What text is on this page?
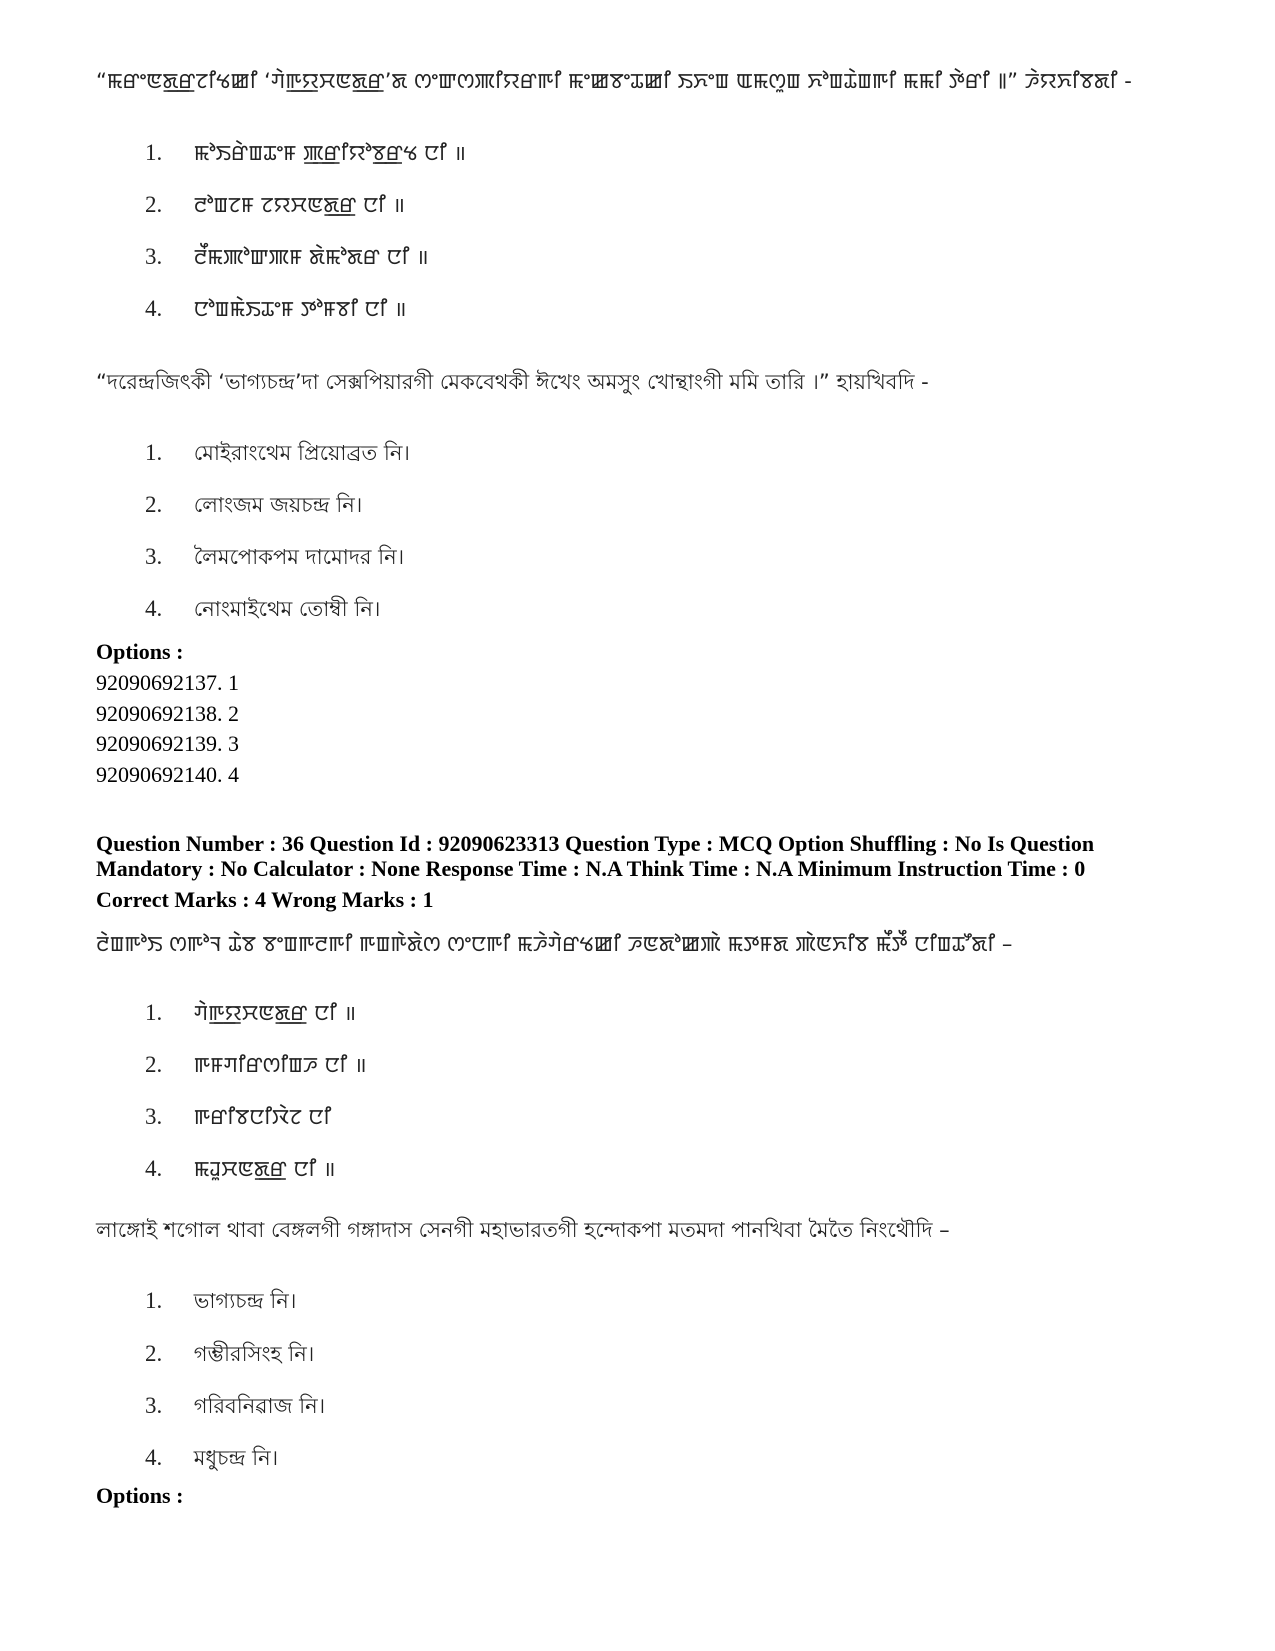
“ꯃꯔꯦꯟꯗ꯭ꯔꯖꯤꯠꯀꯤ ‘ꯚꯥꯒ꯭ꯌꯆꯟꯗ꯭ꯔ’ꯗ ꯁꯦꯛꯁꯄꯤꯌꯔꯒꯤ ꯃꯦꯀꯕꯦꯊꯀꯤ ꯏꯈꯦꯡ ꯑꯃꯁꯨꯡ ꯈꯣꯡꯊꯥꯡꯒꯤ ꯃꯃꯤ ꯇꯥꯔꯤ ꯫” ꯍꯥꯌꯈꯤꯕꯗꯤ -
1. ꯃꯣꯏꯔꯥꯡꯊꯦꯝ ꯄ꯭ꯔꯤꯌꯣꯕ꯭ꯔꯠ ꯅꯤ ॥
2. ꯂꯣꯡꯖꯝ ꯖꯌꯆꯟꯗ꯭ꯔ ꯅꯤ ॥
3. ꯂꯩꯃꯄꯣꯛꯄꯝ ꯗꯥꯃꯣꯗꯔ ꯅꯤ ॥
4. ꯅꯣꯡꯃꯥꯏꯊꯦꯝ ꯇꯣꯝꯕꯤ ꯅꯤ ॥
“দরেন্দ্রজিৎকী ‘ভাগ্যচন্দ্র’দা সেক্সপিয়ারগী মেকবেথকী ঈখেং অমসুং খোন্থাংগী মমি তারি ।” হায়খিবদি -
1. মোইরাংথেম প্রিয়োব্রত নি।
2. লোংজম জয়চন্দ্র নি।
3. লৈমপোকপম দামোদর নি।
4. নোংমাইথেম তোম্বী নি।
Options :
92090692137. 1
92090692138. 2
92090692139. 3
92090692140. 4
Question Number : 36 Question Id : 92090623313 Question Type : MCQ Option Shuffling : No Is Question
Mandatory : No Calculator : None Response Time : N.A Think Time : N.A Minimum Instruction Time : 0
Correct Marks : 4 Wrong Marks : 1
ꯂꯥꯡꯒꯣꯏ ꯁꯒꯣꯜ ꯊꯥꯕ ꯕꯦꯡꯒꯂꯒꯤ ꯒꯡꯒꯥꯗꯥꯁ ꯁꯦꯅꯒꯤ ꯃꯍꯥꯚꯥꯔꯠꯀꯤ ꯍꯟꯗꯣꯀꯄꯥ ꯃꯇꯝꯗ ꯄꯥꯟꯈꯤꯕ ꯃꯩꯇꯩ ꯅꯤꯡꯊꯧꯗꯤ –
1. ꯚꯥꯒ꯭ꯌꯆꯟꯗ꯭ꯔ ꯅꯤ ॥
2. ꯒꯝꯚꯤꯔꯁꯤꯡꯍ ꯅꯤ ॥
3. ꯒꯔꯤꯕꯅꯤꯋꯥꯖ ꯅꯤ
4. ꯃꯙꯨꯆꯟꯗ꯭ꯔ ꯅꯤ ॥
লাঙ্গোই শগোল থাবা বেঙ্গলগী গঙ্গাদাস সেনগী মহাভারতগী হন্দোকপা মতমদা পানখিবা মৈতৈ নিংথৌদি –
1. ভাগ্যচন্দ্র নি।
2. গম্ভীরসিংহ নি।
3. গরিবনিৱাজ নি।
4. মধুচন্দ্র নি।
Options :
